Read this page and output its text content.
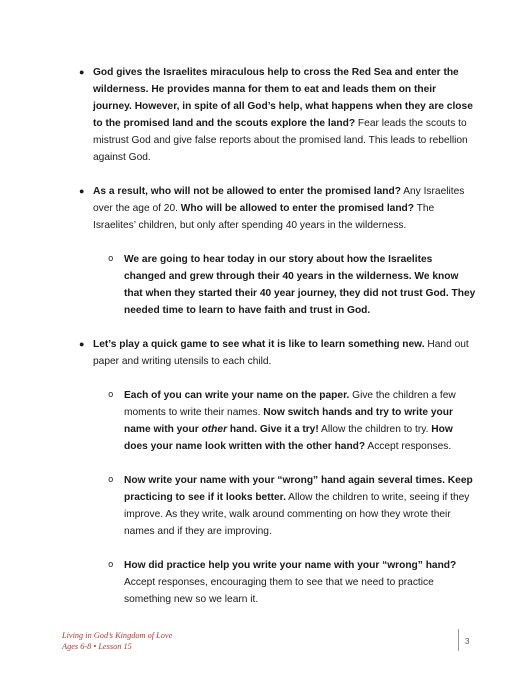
● God gives the Israelites miraculous help to cross the Red Sea and enter the wilderness. He provides manna for them to eat and leads them on their journey. However, in spite of all God’s help, what happens when they are close to the promised land and the scouts explore the land? Fear leads the scouts to mistrust God and give false reports about the promised land. This leads to rebellion against God.
● As a result, who will not be allowed to enter the promised land? Any Israelites over the age of 20. Who will be allowed to enter the promised land? The Israelites’ children, but only after spending 40 years in the wilderness.
o We are going to hear today in our story about how the Israelites changed and grew through their 40 years in the wilderness. We know that when they started their 40 year journey, they did not trust God. They needed time to learn to have faith and trust in God.
● Let’s play a quick game to see what it is like to learn something new. Hand out paper and writing utensils to each child.
o Each of you can write your name on the paper. Give the children a few moments to write their names. Now switch hands and try to write your name with your other hand. Give it a try! Allow the children to try. How does your name look written with the other hand? Accept responses.
o Now write your name with your “wrong” hand again several times. Keep practicing to see if it looks better. Allow the children to write, seeing if they improve. As they write, walk around commenting on how they wrote their names and if they are improving.
o How did practice help you write your name with your “wrong” hand? Accept responses, encouraging them to see that we need to practice something new so we learn it.
Living in God’s Kingdom of Love
Ages 6-8 • Lesson 15
3
